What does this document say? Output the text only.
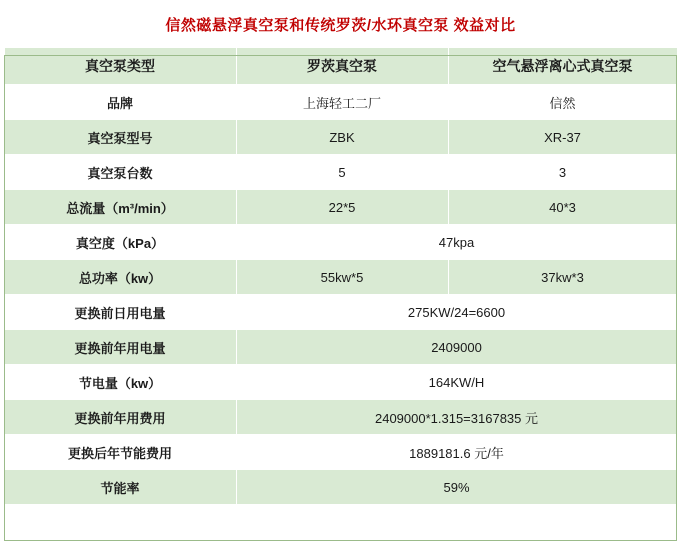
信然磁悬浮真空泵和传统罗茨/水环真空泵 效益对比
真空泵类型	罗茨真空泵	空气悬浮离心式真空泵
品牌	上海轻工二厂	信然
真空泵型号	ZBK	XR-37
真空泵台数	5	3
总流量（m³/min）	22*5	40*3
真空度（kPa）	47kpa	
总功率（kw）	55kw*5	37kw*3
更换前日用电量	275KW/24=6600	
更换前年用电量	2409000	
节电量（kw）	164KW/H	
更换前年用费用	2409000*1.315=3167835 元	
更换后年节能费用	1889181.6 元/年	
节能率	59%	
